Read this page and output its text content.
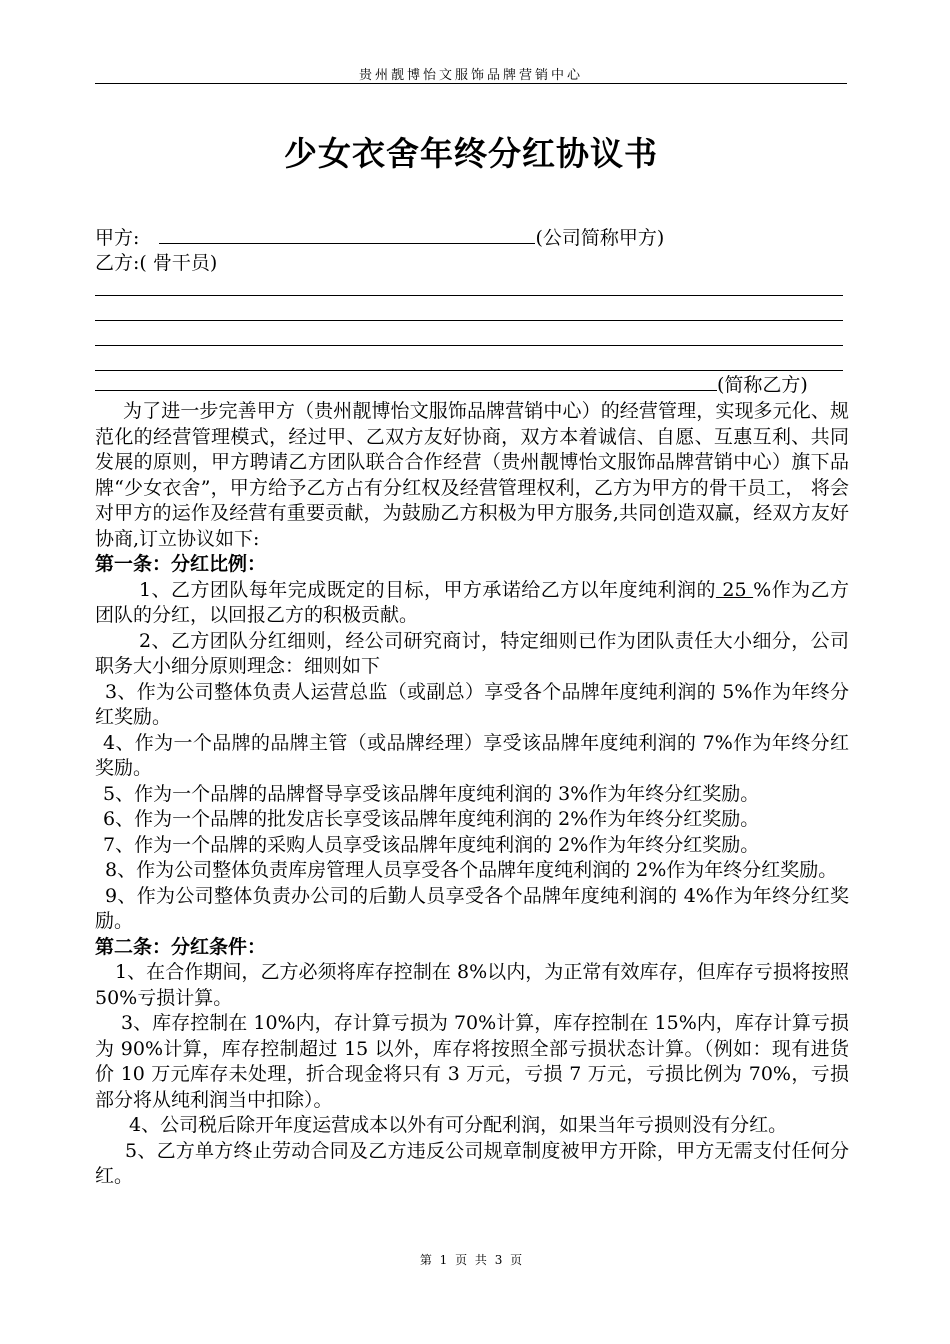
贵州靓博怡文服饰品牌营销中心
少女衣舍年终分红协议书
甲方:	(公司简称甲方)
乙方:( 骨干员)
(简称乙方)

为了进一步完善甲方（贵州靓博怡文服饰品牌营销中心）的经营管理，实现多元化、规范化的经营管理模式，经过甲、乙双方友好协商，双方本着诚信、自愿、互惠互利、共同发展的原则，甲方聘请乙方团队联合合作经营（贵州靓博怡文服饰品牌营销中心）旗下品牌“少女衣舍”，甲方给予乙方占有分红权及经营管理权利，乙方为甲方的骨干员工， 将会对甲方的运作及经营有重要贡献，为鼓励乙方积极为甲方服务,共同创造双赢，经双方友好协商,订立协议如下:

第一条：分红比例：

1、乙方团队每年完成既定的目标，甲方承诺给乙方以年度纯利润的 25 %作为乙方团队的分红，以回报乙方的积极贡献。

2、乙方团队分红细则，经公司研究商讨，特定细则已作为团队责任大小细分，公司职务大小细分原则理念：细则如下

3、作为公司整体负责人运营总监（或副总）享受各个品牌年度纯利润的 5%作为年终分红奖励。

4、作为一个品牌的品牌主管（或品牌经理）享受该品牌年度纯利润的 7%作为年终分红奖励。

5、作为一个品牌的品牌督导享受该品牌年度纯利润的 3%作为年终分红奖励。

6、作为一个品牌的批发店长享受该品牌年度纯利润的 2%作为年终分红奖励。

7、作为一个品牌的采购人员享受该品牌年度纯利润的 2%作为年终分红奖励。

8、作为公司整体负责库房管理人员享受各个品牌年度纯利润的 2%作为年终分红奖励。

9、作为公司整体负责办公司的后勤人员享受各个品牌年度纯利润的 4%作为年终分红奖励。

第二条：分红条件：

1、在合作期间，乙方必须将库存控制在 8%以内，为正常有效库存，但库存亏损将按照 50%亏损计算。

3、库存控制在 10%内，存计算亏损为 70%计算，库存控制在 15%内，库存计算亏损为 90%计算，库存控制超过 15 以外，库存将按照全部亏损状态计算。（例如：现有进货价 10 万元库存未处理，折合现金将只有 3 万元，亏损 7 万元，亏损比例为 70%，亏损部分将从纯利润当中扣除）。

4、公司税后除开年度运营成本以外有可分配利润，如果当年亏损则没有分红。

5、乙方单方终止劳动合同及乙方违反公司规章制度被甲方开除，甲方无需支付任何分红。

第 1 页 共 3 页
